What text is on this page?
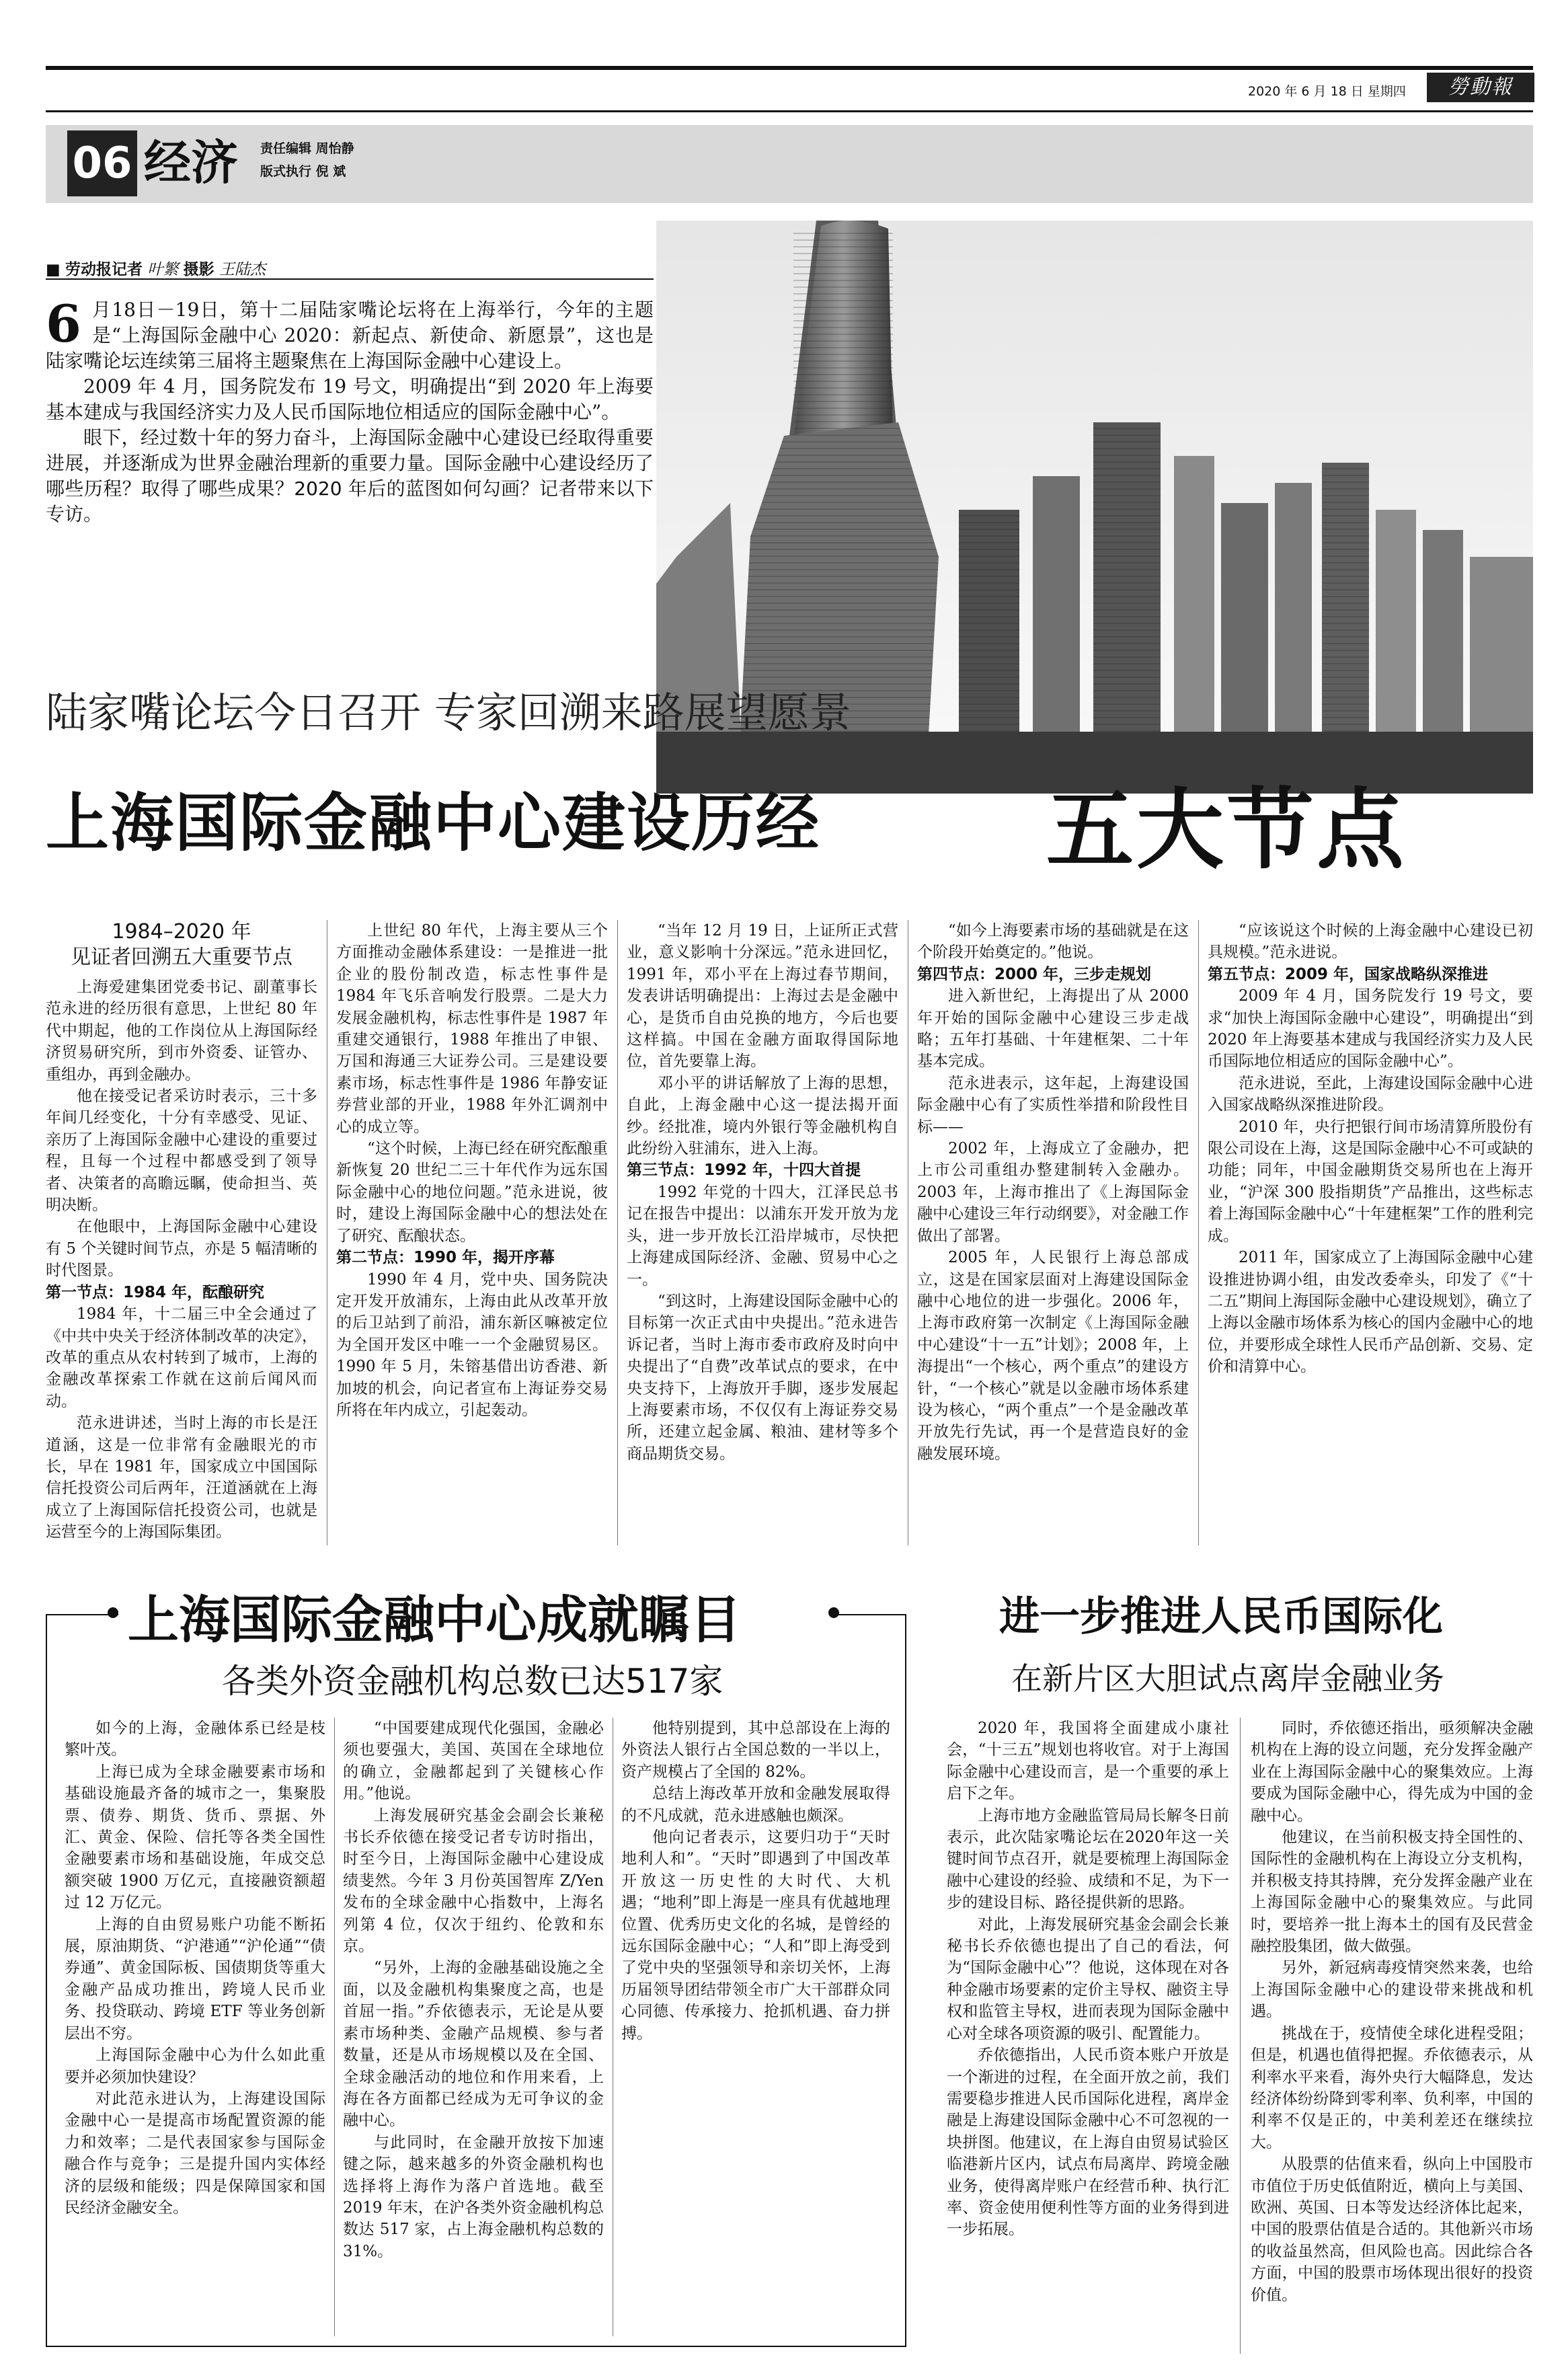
2020 年 6 月 18 日 星期四	勞動報
06 经济 责任编辑 周怡静
版式执行 倪 斌
■ 劳动报记者 叶繁 摄影 王陆杰
6 月18日－19日，第十二届陆家嘴论坛将在上海举行，今年的主题是“上海国际金融中心 2020：新起点、新使命、新愿景”，这也是陆家嘴论坛连续第三届将主题聚焦在上海国际金融中心建设上。

2009 年 4 月，国务院发布 19 号文，明确提出“到 2020 年上海要基本建成与我国经济实力及人民币国际地位相适应的国际金融中心”。

眼下，经过数十年的努力奋斗，上海国际金融中心建设已经取得重要进展，并逐渐成为世界金融治理新的重要力量。国际金融中心建设经历了哪些历程？取得了哪些成果？2020 年后的蓝图如何勾画？记者带来以下专访。

陆家嘴论坛今日召开 专家回溯来路展望愿景
上海国际金融中心建设历经	五大节点

1984–2020 年

见证者回溯五大重要节点

上海爱建集团党委书记、副董事长范永进的经历很有意思，上世纪 80 年代中期起，他的工作岗位从上海国际经济贸易研究所，到市外资委、证管办、重组办，再到金融办。

他在接受记者采访时表示，三十多年间几经变化，十分有幸感受、见证、亲历了上海国际金融中心建设的重要过程，且每一个过程中都感受到了领导者、决策者的高瞻远瞩，使命担当、英明决断。

在他眼中，上海国际金融中心建设有 5 个关键时间节点，亦是 5 幅清晰的时代图景。

第一节点：1984 年，酝酿研究

1984 年，十二届三中全会通过了《中共中央关于经济体制改革的决定》，改革的重点从农村转到了城市，上海的金融改革探索工作就在这前后闻风而动。

范永进讲述，当时上海的市长是汪道涵，这是一位非常有金融眼光的市长，早在 1981 年，国家成立中国国际信托投资公司后两年，汪道涵就在上海成立了上海国际信托投资公司，也就是运营至今的上海国际集团。

上世纪 80 年代，上海主要从三个方面推动金融体系建设：一是推进一批企业的股份制改造，标志性事件是 1984 年飞乐音响发行股票。二是大力发展金融机构，标志性事件是 1987 年重建交通银行，1988 年推出了申银、万国和海通三大证券公司。三是建设要素市场，标志性事件是 1986 年静安证券营业部的开业，1988 年外汇调剂中心的成立等。

“这个时候，上海已经在研究酝酿重新恢复 20 世纪二三十年代作为远东国际金融中心的地位问题。”范永进说，彼时，建设上海国际金融中心的想法处在了研究、酝酿状态。

第二节点：1990 年，揭开序幕

1990 年 4 月，党中央、国务院决定开发开放浦东，上海由此从改革开放的后卫站到了前沿，浦东新区嘛被定位为全国开发区中唯一一个金融贸易区。1990 年 5 月，朱镕基借出访香港、新加坡的机会，向记者宣布上海证券交易所将在年内成立，引起轰动。

“当年 12 月 19 日，上证所正式营业，意义影响十分深远。”范永进回忆，1991 年，邓小平在上海过春节期间，发表讲话明确提出：上海过去是金融中心，是货币自由兑换的地方，今后也要这样搞。中国在金融方面取得国际地位，首先要靠上海。

邓小平的讲话解放了上海的思想，自此，上海金融中心这一提法揭开面纱。经批准，境内外银行等金融机构自此纷纷入驻浦东，进入上海。

第三节点：1992 年，十四大首提

1992 年党的十四大，江泽民总书记在报告中提出：以浦东开发开放为龙头，进一步开放长江沿岸城市，尽快把上海建成国际经济、金融、贸易中心之一。

“到这时，上海建设国际金融中心的目标第一次正式由中央提出。”范永进告诉记者，当时上海市委市政府及时向中央提出了“自费”改革试点的要求，在中央支持下，上海放开手脚，逐步发展起上海要素市场，不仅仅有上海证券交易所，还建立起金属、粮油、建材等多个商品期货交易。

“如今上海要素市场的基础就是在这个阶段开始奠定的。”他说。

第四节点：2000 年，三步走规划

进入新世纪，上海提出了从 2000 年开始的国际金融中心建设三步走战略；五年打基础、十年建框架、二十年基本完成。

范永进表示，这年起，上海建设国际金融中心有了实质性举措和阶段性目标——

2002 年，上海成立了金融办，把上市公司重组办整建制转入金融办。2003 年，上海市推出了《上海国际金融中心建设三年行动纲要》，对金融工作做出了部署。

2005 年，人民银行上海总部成立，这是在国家层面对上海建设国际金融中心地位的进一步强化。2006 年，上海市政府第一次制定《上海国际金融中心建设“十一五”计划》；2008 年，上海提出“一个核心，两个重点”的建设方针，“一个核心”就是以金融市场体系建设为核心，“两个重点”一个是金融改革开放先行先试，再一个是营造良好的金融发展环境。

“应该说这个时候的上海金融中心建设已初具规模。”范永进说。

第五节点：2009 年，国家战略纵深推进

2009 年 4 月，国务院发行 19 号文，要求“加快上海国际金融中心建设”，明确提出“到 2020 年上海要基本建成与我国经济实力及人民币国际地位相适应的国际金融中心”。

范永进说，至此，上海建设国际金融中心进入国家战略纵深推进阶段。

2010 年，央行把银行间市场清算所股份有限公司设在上海，这是国际金融中心不可或缺的功能；同年，中国金融期货交易所也在上海开业，“沪深 300 股指期货”产品推出，这些标志着上海国际金融中心“十年建框架”工作的胜利完成。

2011 年，国家成立了上海国际金融中心建设推进协调小组，由发改委牵头，印发了《“十二五”期间上海国际金融中心建设规划》，确立了上海以金融市场体系为核心的国内金融中心的地位，并要形成全球性人民币产品创新、交易、定价和清算中心。

上海国际金融中心成就瞩目
各类外资金融机构总数已达517家

如今的上海，金融体系已经是枝繁叶茂。

上海已成为全球金融要素市场和基础设施最齐备的城市之一，集聚股票、债券、期货、货币、票据、外汇、黄金、保险、信托等各类全国性金融要素市场和基础设施，年成交总额突破 1900 万亿元，直接融资额超过 12 万亿元。

上海的自由贸易账户功能不断拓展，原油期货、“沪港通”“沪伦通”“债券通”、黄金国际板、国债期货等重大金融产品成功推出，跨境人民币业务、投贷联动、跨境 ETF 等业务创新层出不穷。

上海国际金融中心为什么如此重要并必须加快建设？

对此范永进认为，上海建设国际金融中心一是提高市场配置资源的能力和效率；二是代表国家参与国际金融合作与竞争；三是提升国内实体经济的层级和能级；四是保障国家和国民经济金融安全。

“中国要建成现代化强国，金融必须也要强大，美国、英国在全球地位的确立，金融都起到了关键核心作用。”他说。

上海发展研究基金会副会长兼秘书长乔依德在接受记者专访时指出，时至今日，上海国际金融中心建设成绩斐然。今年 3 月份英国智库 Z/Yen 发布的全球金融中心指数中，上海名列第 4 位，仅次于纽约、伦敦和东京。

“另外，上海的金融基础设施之全面，以及金融机构集聚度之高，也是首屈一指。”乔依德表示，无论是从要素市场种类、金融产品规模、参与者数量，还是从市场规模以及在全国、全球金融活动的地位和作用来看，上海在各方面都已经成为无可争议的金融中心。

与此同时，在金融开放按下加速键之际，越来越多的外资金融机构也选择将上海作为落户首选地。截至 2019 年末，在沪各类外资金融机构总数达 517 家，占上海金融机构总数的 31%。

他特别提到，其中总部设在上海的外资法人银行占全国总数的一半以上，资产规模占了全国的 82%。

总结上海改革开放和金融发展取得的不凡成就，范永进感触也颇深。

他向记者表示，这要归功于“天时地利人和”。“天时”即遇到了中国改革开放这一历史性的大时代、大机遇；“地利”即上海是一座具有优越地理位置、优秀历史文化的名城，是曾经的远东国际金融中心；“人和”即上海受到了党中央的坚强领导和亲切关怀，上海历届领导团结带领全市广大干部群众同心同德、传承接力、抢抓机遇、奋力拼搏。

进一步推进人民币国际化
在新片区大胆试点离岸金融业务

2020 年，我国将全面建成小康社会，“十三五”规划也将收官。对于上海国际金融中心建设而言，是一个重要的承上启下之年。

上海市地方金融监管局局长解冬日前表示，此次陆家嘴论坛在2020年这一关键时间节点召开，就是要梳理上海国际金融中心建设的经验、成绩和不足，为下一步的建设目标、路径提供新的思路。

对此，上海发展研究基金会副会长兼秘书长乔依德也提出了自己的看法，何为“国际金融中心”？他说，这体现在对各种金融市场要素的定价主导权、融资主导权和监管主导权，进而表现为国际金融中心对全球各项资源的吸引、配置能力。

乔依德指出，人民币资本账户开放是一个渐进的过程，在全面开放之前，我们需要稳步推进人民币国际化进程，离岸金融是上海建设国际金融中心不可忽视的一块拼图。他建议，在上海自由贸易试验区临港新片区内，试点布局离岸、跨境金融业务，使得离岸账户在经营币种、执行汇率、资金使用便利性等方面的业务得到进一步拓展。

同时，乔依德还指出，亟须解决金融机构在上海的设立问题，充分发挥金融产业在上海国际金融中心的聚集效应。上海要成为国际金融中心，得先成为中国的金融中心。

他建议，在当前积极支持全国性的、国际性的金融机构在上海设立分支机构，并积极支持其持牌，充分发挥金融产业在上海国际金融中心的聚集效应。与此同时，要培养一批上海本土的国有及民营金融控股集团，做大做强。

另外，新冠病毒疫情突然来袭，也给上海国际金融中心的建设带来挑战和机遇。

挑战在于，疫情使全球化进程受阻；但是，机遇也值得把握。乔依德表示，从利率水平来看，海外央行大幅降息，发达经济体纷纷降到零利率、负利率，中国的利率不仅是正的，中美利差还在继续拉大。

从股票的估值来看，纵向上中国股市市值位于历史低值附近，横向上与美国、欧洲、英国、日本等发达经济体比起来，中国的股票估值是合适的。其他新兴市场的收益虽然高，但风险也高。因此综合各方面，中国的股票市场体现出很好的投资价值。
